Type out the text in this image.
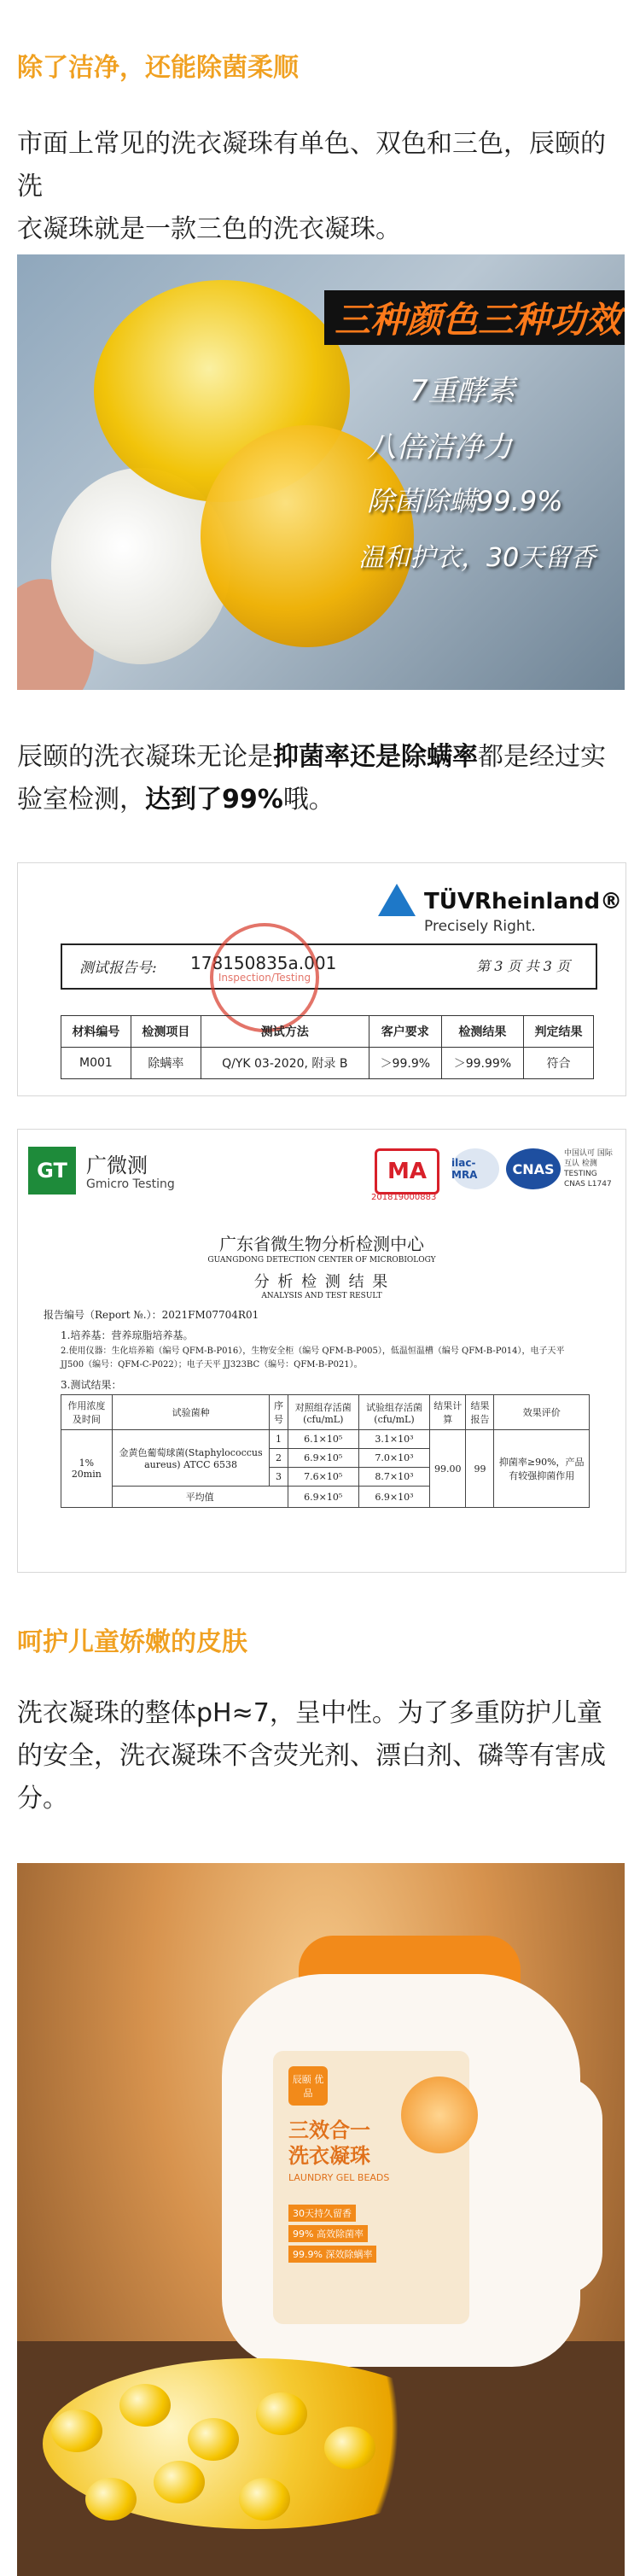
除了洁净，还能除菌柔顺
市面上常见的洗衣凝珠有单色、双色和三色，辰颐的洗
衣凝珠就是一款三色的洗衣凝珠。
三种颜色三种功效
7重酵素
八倍洁净力
除菌除螨99.9%
温和护衣，30天留香
辰颐的洗衣凝珠无论是抑菌率还是除螨率都是经过实
验室检测，达到了99%哦。
TÜVRheinland®
Precisely Right.
测试报告号: 178150835a.001	第 3 页 共 3 页
Inspection/Testing
材料编号	检测项目	测试方法	客户要求	检测结果	判定结果
M001	除螨率	Q/YK 03-2020, 附录 B	＞99.9%	＞99.99%	符合
GT 广微测
Gmicro Testing	MA
201819000883
ilac-MRA	CNAS
中国认可 国际互认 检测 TESTING CNAS L1747
广东省微生物分析检测中心
GUANGDONG DETECTION CENTER OF MICROBIOLOGY
分 析 检 测 结 果
ANALYSIS AND TEST RESULT
报告编号（Report №.）：2021FM07704R01
1.培养基：营养琼脂培养基。
2.使用仪器：生化培养箱（编号 QFM-B-P016），生物安全柜（编号 QFM-B-P005），低温恒温槽（编号 QFM-B-P014），电子天平 JJ500（编号：QFM-C-P022）；电子天平 JJ323BC（编号：QFM-B-P021）。
3.测试结果：
作用浓度及时间	试验菌种	序号	对照组存活菌(cfu/mL)	试验组存活菌(cfu/mL)	结果计算	结果报告	效果评价
1% 20min	金黄色葡萄球菌(Staphylococcus aureus) ATCC 6538	1	6.1×10⁵	3.1×10³	99.00	99	抑菌率≥90%，产品有较强抑菌作用
		2	6.9×10⁵	7.0×10³			
		3	7.6×10⁵	8.7×10³			
	平均值		6.9×10⁵	6.9×10³			
呵护儿童娇嫩的皮肤
洗衣凝珠的整体pH≈7，呈中性。为了多重防护儿童
的安全，洗衣凝珠不含荧光剂、漂白剂、磷等有害成
分。
辰颐 优品
三效合一
洗衣凝珠
LAUNDRY GEL BEADS
30天持久留香
99% 高效除菌率
99.9% 深效除螨率
